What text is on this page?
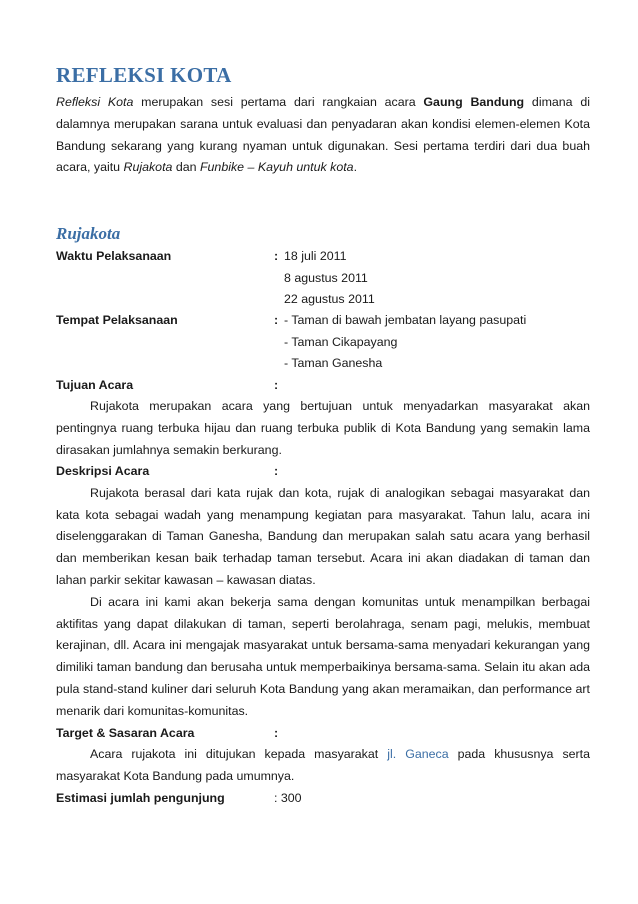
REFLEKSI KOTA

Refleksi Kota merupakan sesi pertama dari rangkaian acara Gaung Bandung dimana di dalamnya merupakan sarana untuk evaluasi dan penyadaran akan kondisi elemen-elemen Kota Bandung sekarang yang kurang nyaman untuk digunakan. Sesi pertama terdiri dari dua buah acara, yaitu Rujakota dan Funbike – Kayuh untuk kota.

Rujakota
Waktu Pelaksanaan	: 18 juli 2011
8 agustus 2011
22 agustus 2011
Tempat Pelaksanaan	: - Taman di bawah jembatan layang pasupati
- Taman Cikapayang
- Taman Ganesha
Tujuan Acara	:

Rujakota merupakan acara yang bertujuan untuk menyadarkan masyarakat akan pentingnya ruang terbuka hijau dan ruang terbuka publik di Kota Bandung yang semakin lama dirasakan jumlahnya semakin berkurang.

Deskripsi Acara	:

Rujakota berasal dari kata rujak dan kota, rujak di analogikan sebagai masyarakat dan kata kota sebagai wadah yang menampung kegiatan para masyarakat. Tahun lalu, acara ini diselenggarakan di Taman Ganesha, Bandung dan merupakan salah satu acara yang berhasil dan memberikan kesan baik terhadap taman tersebut. Acara ini akan diadakan di taman dan lahan parkir sekitar kawasan – kawasan diatas.

Di acara ini kami akan bekerja sama dengan komunitas untuk menampilkan berbagai aktifitas yang dapat dilakukan di taman, seperti berolahraga, senam pagi, melukis, membuat kerajinan, dll. Acara ini mengajak masyarakat untuk bersama-sama menyadari kekurangan yang dimiliki taman bandung dan berusaha untuk memperbaikinya bersama-sama. Selain itu akan ada pula stand-stand kuliner dari seluruh Kota Bandung yang akan meramaikan, dan performance art menarik dari komunitas-komunitas.

Target & Sasaran Acara	:

Acara rujakota ini ditujukan kepada masyarakat jl. Ganeca pada khususnya serta masyarakat Kota Bandung pada umumnya.

Estimasi jumlah pengunjung	: 300
